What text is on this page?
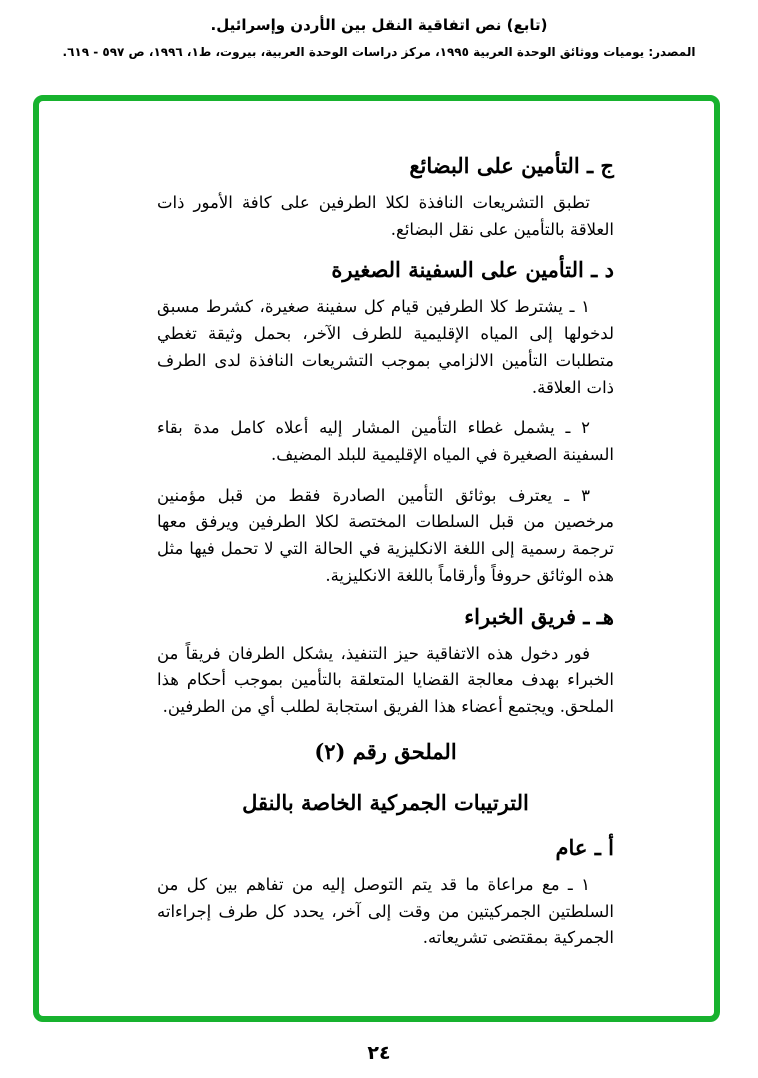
(تابع) نص اتفاقية النقل بين الأردن وإسرائيل.
المصدر: يوميات ووثائق الوحدة العربية ١٩٩٥، مركز دراسات الوحدة العربية، بيروت، ط١، ١٩٩٦، ص ٥٩٧ - ٦١٩.
ج ـ التأمين على البضائع

تطبق التشريعات النافذة لكلا الطرفين على كافة الأمور ذات العلاقة بالتأمين على نقل البضائع.

د ـ التأمين على السفينة الصغيرة

١ ـ يشترط كلا الطرفين قيام كل سفينة صغيرة، كشرط مسبق لدخولها إلى المياه الإقليمية للطرف الآخر، بحمل وثيقة تغطي متطلبات التأمين الالزامي بموجب التشريعات النافذة لدى الطرف ذات العلاقة.

٢ ـ يشمل غطاء التأمين المشار إليه أعلاه كامل مدة بقاء السفينة الصغيرة في المياه الإقليمية للبلد المضيف.

٣ ـ يعترف بوثائق التأمين الصادرة فقط من قبل مؤمنين مرخصين من قبل السلطات المختصة لكلا الطرفين ويرفق معها ترجمة رسمية إلى اللغة الانكليزية في الحالة التي لا تحمل فيها مثل هذه الوثائق حروفاً وأرقاماً باللغة الانكليزية.

هـ ـ فريق الخبراء

فور دخول هذه الاتفاقية حيز التنفيذ، يشكل الطرفان فريقاً من الخبراء بهدف معالجة القضايا المتعلقة بالتأمين بموجب أحكام هذا الملحق. ويجتمع أعضاء هذا الفريق استجابة لطلب أي من الطرفين.

الملحق رقم (٢)
الترتيبات الجمركية الخاصة بالنقل
أ ـ عام

١ ـ مع مراعاة ما قد يتم التوصل إليه من تفاهم بين كل من السلطتين الجمركيتين من وقت إلى آخر، يحدد كل طرف إجراءاته الجمركية بمقتضى تشريعاته.

٢٤
